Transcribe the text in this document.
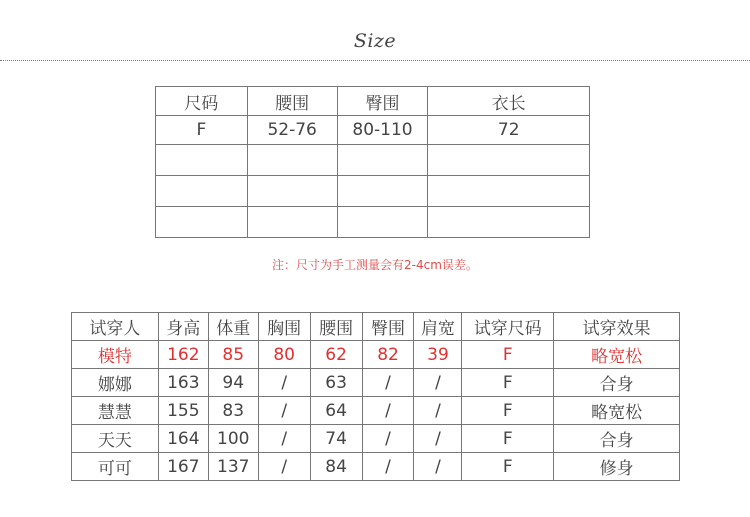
Size
尺码	腰围	臀围	衣长
F	52-76	80-110	72

注：尺寸为手工测量会有2-4cm误差。
试穿人	身高	体重	胸围	腰围	臀围	肩宽	试穿尺码	试穿效果
模特	162	85	80	62	82	39	F	略宽松
娜娜	163	94	/	63	/	/	F	合身
慧慧	155	83	/	64	/	/	F	略宽松
天天	164	100	/	74	/	/	F	合身
可可	167	137	/	84	/	/	F	修身
